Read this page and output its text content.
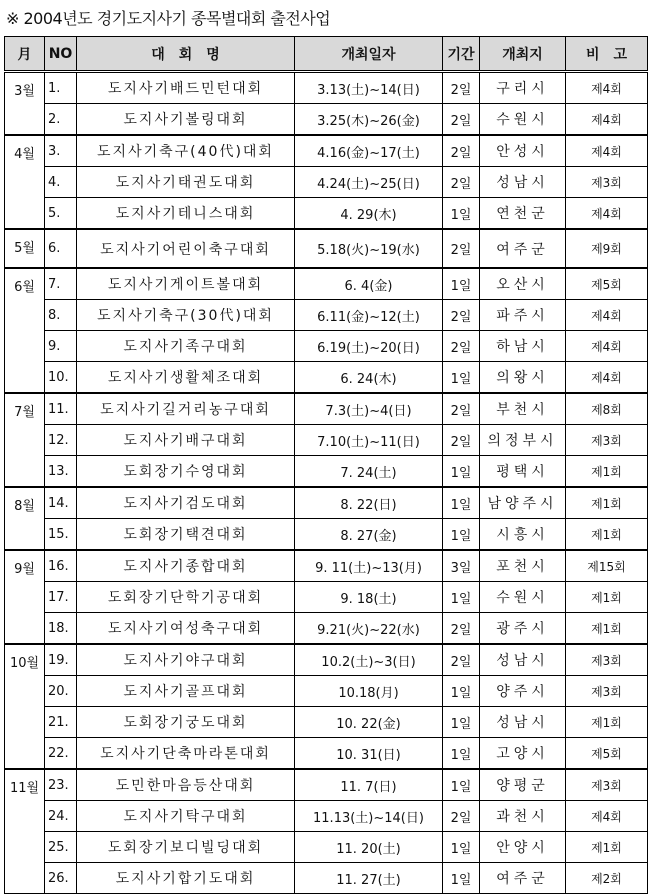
※ 2004년도 경기도지사기 종목별대회 출전사업
月	NO	대　회　명	개최일자	기간	개최지	비　고
3월	1.	도지사기배드민턴대회	3.13(土)~14(日)	2일	구리시	제4회
	2.	도지사기볼링대회	3.25(木)~26(金)	2일	수원시	제4회
4월	3.	도지사기축구(40代)대회	4.16(金)~17(土)	2일	안성시	제4회
	4.	도지사기태권도대회	4.24(土)~25(日)	2일	성남시	제3회
	5.	도지사기테니스대회	4. 29(木)	1일	연천군	제4회
5월	6.	도지사기어린이축구대회	5.18(火)~19(水)	2일	여주군	제9회
6월	7.	도지사기게이트볼대회	6. 4(金)	1일	오산시	제5회
	8.	도지사기축구(30代)대회	6.11(金)~12(土)	2일	파주시	제4회
	9.	도지사기족구대회	6.19(土)~20(日)	2일	하남시	제4회
	10.	도지사기생활체조대회	6. 24(木)	1일	의왕시	제4회
7월	11.	도지사기길거리농구대회	7.3(土)~4(日)	2일	부천시	제8회
	12.	도지사기배구대회	7.10(土)~11(日)	2일	의정부시	제3회
	13.	도회장기수영대회	7. 24(土)	1일	평택시	제1회
8월	14.	도지사기검도대회	8. 22(日)	1일	남양주시	제1회
	15.	도회장기택견대회	8. 27(金)	1일	시흥시	제1회
9월	16.	도지사기종합대회	9. 11(土)~13(月)	3일	포천시	제15회
	17.	도회장기단학기공대회	9. 18(土)	1일	수원시	제1회
	18.	도지사기여성축구대회	9.21(火)~22(水)	2일	광주시	제1회
10월	19.	도지사기야구대회	10.2(土)~3(日)	2일	성남시	제3회
	20.	도지사기골프대회	10.18(月)	1일	양주시	제3회
	21.	도회장기궁도대회	10. 22(金)	1일	성남시	제1회
	22.	도지사기단축마라톤대회	10. 31(日)	1일	고양시	제5회
11월	23.	도민한마음등산대회	11. 7(日)	1일	양평군	제3회
	24.	도지사기탁구대회	11.13(土)~14(日)	2일	과천시	제4회
	25.	도회장기보디빌딩대회	11. 20(土)	1일	안양시	제1회
	26.	도지사기합기도대회	11. 27(土)	1일	여주군	제2회
